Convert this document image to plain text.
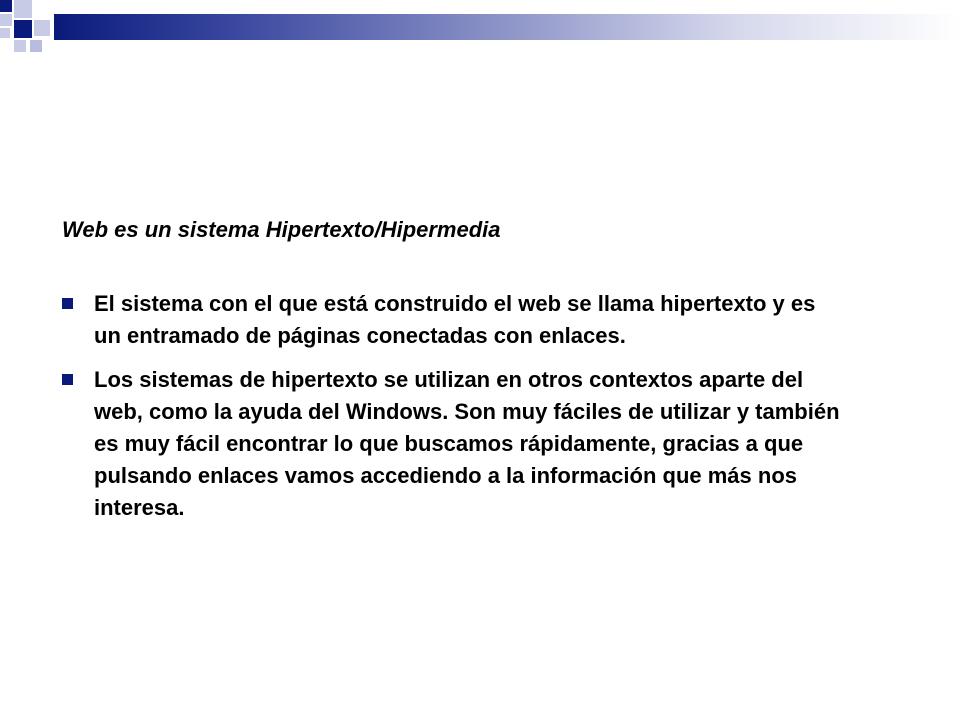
Web es un sistema Hipertexto/Hipermedia
El sistema con el que está construido el web se llama hipertexto y es un entramado de páginas conectadas con enlaces.
Los sistemas de hipertexto se utilizan en otros contextos aparte del web, como la ayuda del Windows. Son muy fáciles de utilizar y también es muy fácil encontrar lo que buscamos rápidamente, gracias a que pulsando enlaces vamos accediendo a la información que más nos interesa.
